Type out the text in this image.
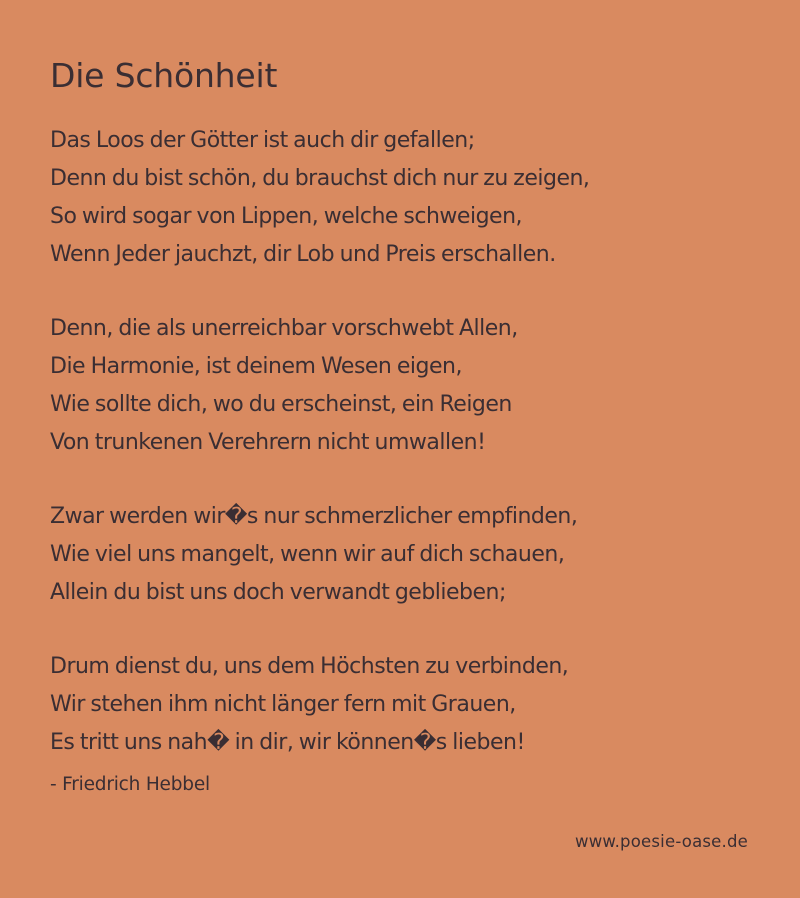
Die Schönheit
Das Loos der Götter ist auch dir gefallen;
Denn du bist schön, du brauchst dich nur zu zeigen,
So wird sogar von Lippen, welche schweigen,
Wenn Jeder jauchzt, dir Lob und Preis erschallen.
Denn, die als unerreichbar vorschwebt Allen,
Die Harmonie, ist deinem Wesen eigen,
Wie sollte dich, wo du erscheinst, ein Reigen
Von trunkenen Verehrern nicht umwallen!
Zwar werden wir�s nur schmerzlicher empfinden,
Wie viel uns mangelt, wenn wir auf dich schauen,
Allein du bist uns doch verwandt geblieben;
Drum dienst du, uns dem Höchsten zu verbinden,
Wir stehen ihm nicht länger fern mit Grauen,
Es tritt uns nah� in dir, wir können�s lieben!
- Friedrich Hebbel
www.poesie-oase.de
